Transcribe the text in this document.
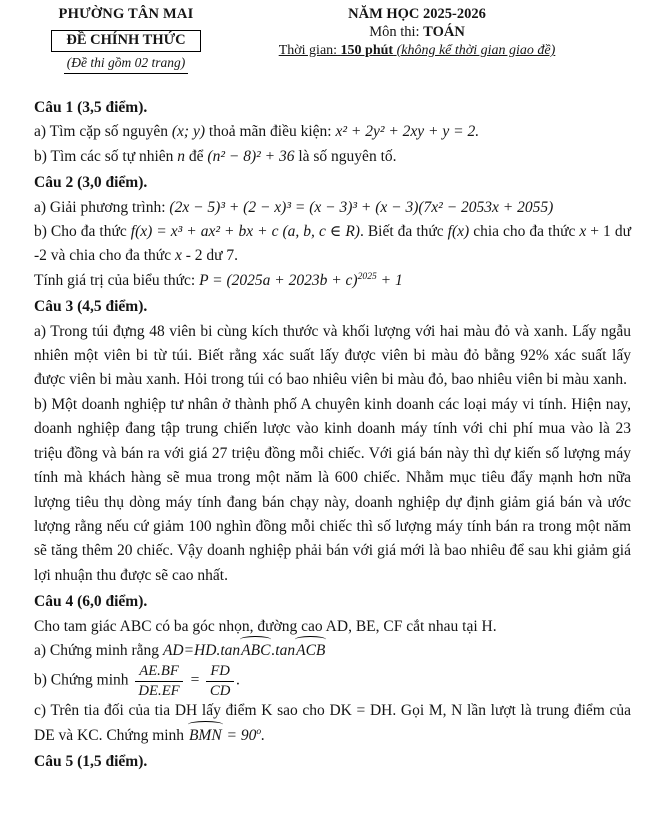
PHƯỜNG TÂN MAI
ĐỀ CHÍNH THỨC
(Đề thi gồm 02 trang)
NĂM HỌC 2025-2026
Môn thi: TOÁN
Thời gian: 150 phút (không kể thời gian giao đề)

Câu 1 (3,5 điểm).

a) Tìm cặp số nguyên (x; y) thoả mãn điều kiện: x² + 2y² + 2xy + y = 2.

b) Tìm các số tự nhiên n để (n² − 8)² + 36 là số nguyên tố.

Câu 2 (3,0 điểm).

a) Giải phương trình: (2x − 5)³ + (2 − x)³ = (x − 3)³ + (x − 3)(7x² − 2053x + 2055)

b) Cho đa thức f(x) = x³ + ax² + bx + c (a, b, c ∈ R). Biết đa thức f(x) chia cho đa thức x + 1 dư -2 và chia cho đa thức x - 2 dư 7.

Tính giá trị của biểu thức: $P = (2025a + 2023b + c)^{2025} + 1$

Câu 3 (4,5 điểm).

a) Trong túi đựng 48 viên bi cùng kích thước và khối lượng với hai màu đỏ và xanh. Lấy ngẫu nhiên một viên bi từ túi. Biết rằng xác suất lấy được viên bi màu đỏ bằng 92% xác suất lấy được viên bi màu xanh. Hỏi trong túi có bao nhiêu viên bi màu đỏ, bao nhiêu viên bi màu xanh.

b) Một doanh nghiệp tư nhân ở thành phố A chuyên kinh doanh các loại máy vi tính. Hiện nay, doanh nghiệp đang tập trung chiến lược vào kinh doanh máy tính với chi phí mua vào là 23 triệu đồng và bán ra với giá 27 triệu đồng mỗi chiếc. Với giá bán này thì dự kiến số lượng máy tính mà khách hàng sẽ mua trong một năm là 600 chiếc. Nhằm mục tiêu đẩy mạnh hơn nữa lượng tiêu thụ dòng máy tính đang bán chạy này, doanh nghiệp dự định giảm giá bán và ước lượng rằng nếu cứ giảm 100 nghìn đồng mỗi chiếc thì số lượng máy tính bán ra trong một năm sẽ tăng thêm 20 chiếc. Vậy doanh nghiệp phải bán với giá mới là bao nhiêu để sau khi giảm giá lợi nhuận thu được sẽ cao nhất.

Câu 4 (6,0 điểm).

Cho tam giác ABC có ba góc nhọn, đường cao AD, BE, CF cắt nhau tại H.

a) Chứng minh rằng AD=HD.tanABC.tanACB

b) Chứng minh $\frac{AE.BF}{DE.EF} = \frac{FD}{CD}$ .

c) Trên tia đối của tia DH lấy điểm K sao cho DK = DH. Gọi M, N lần lượt là trung điểm của DE và KC. Chứng minh BMN = $90^o$.

Câu 5 (1,5 điểm).
